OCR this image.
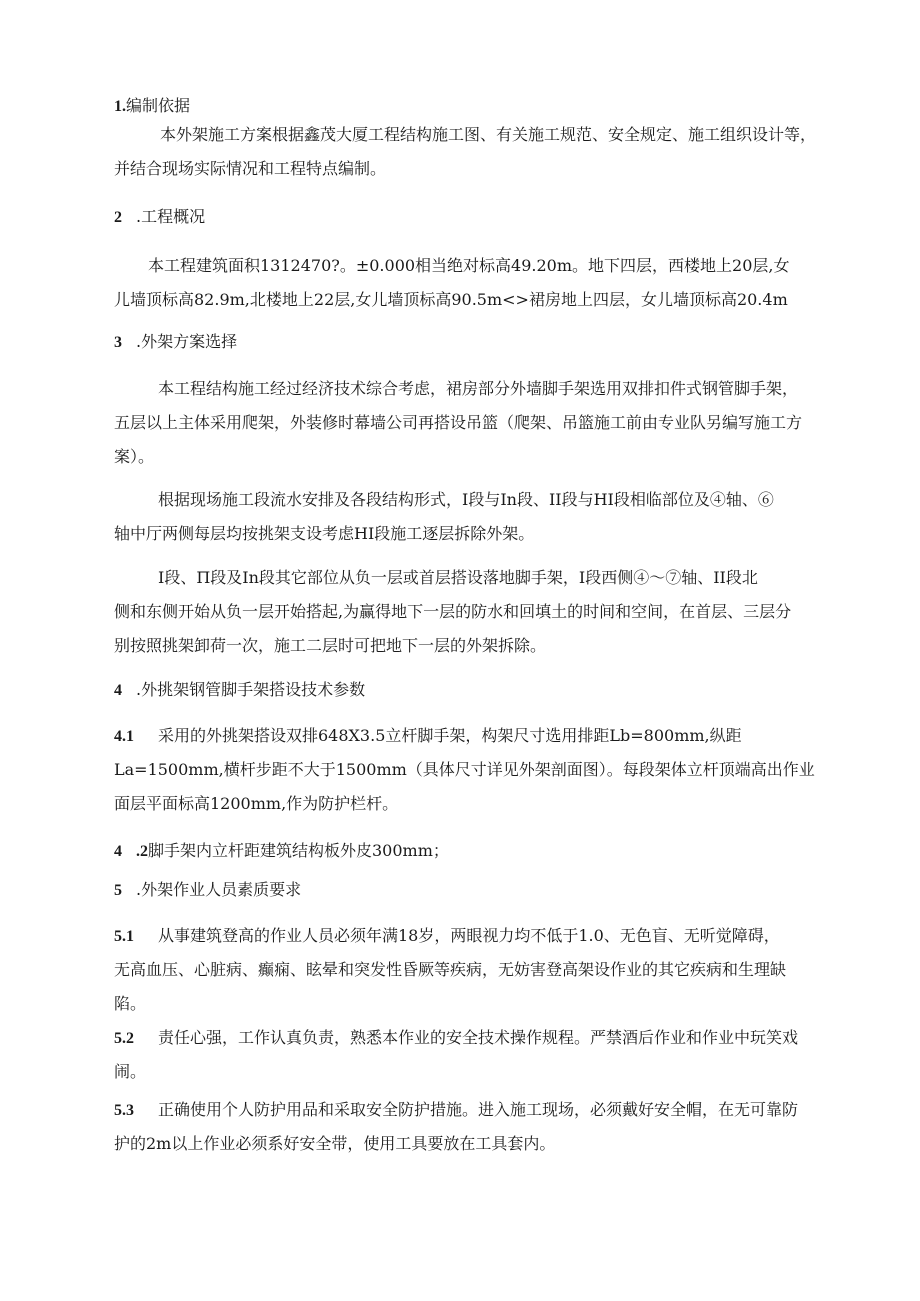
1.编制依据
本外架施工方案根据鑫茂大厦工程结构施工图、有关施工规范、安全规定、施工组织设计等，
并结合现场实际情况和工程特点编制。
2 .工程概况
本工程建筑面积1312470?。±0.000相当绝对标高49.20m。地下四层，西楼地上20层,女
儿墙顶标高82.9m,北楼地上22层,女儿墙顶标高90.5m<>裙房地上四层，女儿墙顶标高20.4m
3 .外架方案选择
本工程结构施工经过经济技术综合考虑，裙房部分外墙脚手架选用双排扣件式钢管脚手架，
五层以上主体采用爬架，外装修时幕墙公司再搭设吊篮（爬架、吊篮施工前由专业队另编写施工方
案）。
根据现场施工段流水安排及各段结构形式，I段与In段、II段与HI段相临部位及④轴、⑥
轴中厅两侧每层均按挑架支设考虑HI段施工逐层拆除外架。
I段、Π段及In段其它部位从负一层或首层搭设落地脚手架，I段西侧④～⑦轴、II段北
侧和东侧开始从负一层开始搭起,为赢得地下一层的防水和回填土的时间和空间，在首层、三层分
别按照挑架卸荷一次，施工二层时可把地下一层的外架拆除。
4 .外挑架钢管脚手架搭设技术参数
4.1 采用的外挑架搭设双排648X3.5立杆脚手架，构架尺寸选用排距Lb=800mm,纵距
La=1500mm,横杆步距不大于1500mm（具体尺寸详见外架剖面图）。每段架体立杆顶端高出作业
面层平面标高1200mm,作为防护栏杆。
4 .2脚手架内立杆距建筑结构板外皮300mm；
5 .外架作业人员素质要求
5.1 从事建筑登高的作业人员必须年满18岁，两眼视力均不低于1.0、无色盲、无听觉障碍，
无高血压、心脏病、癫痫、眩晕和突发性昏厥等疾病，无妨害登高架设作业的其它疾病和生理缺
陷。
5.2 责任心强，工作认真负责，熟悉本作业的安全技术操作规程。严禁酒后作业和作业中玩笑戏
闹。
5.3 正确使用个人防护用品和采取安全防护措施。进入施工现场，必须戴好安全帽，在无可靠防
护的2m以上作业必须系好安全带，使用工具要放在工具套内。
